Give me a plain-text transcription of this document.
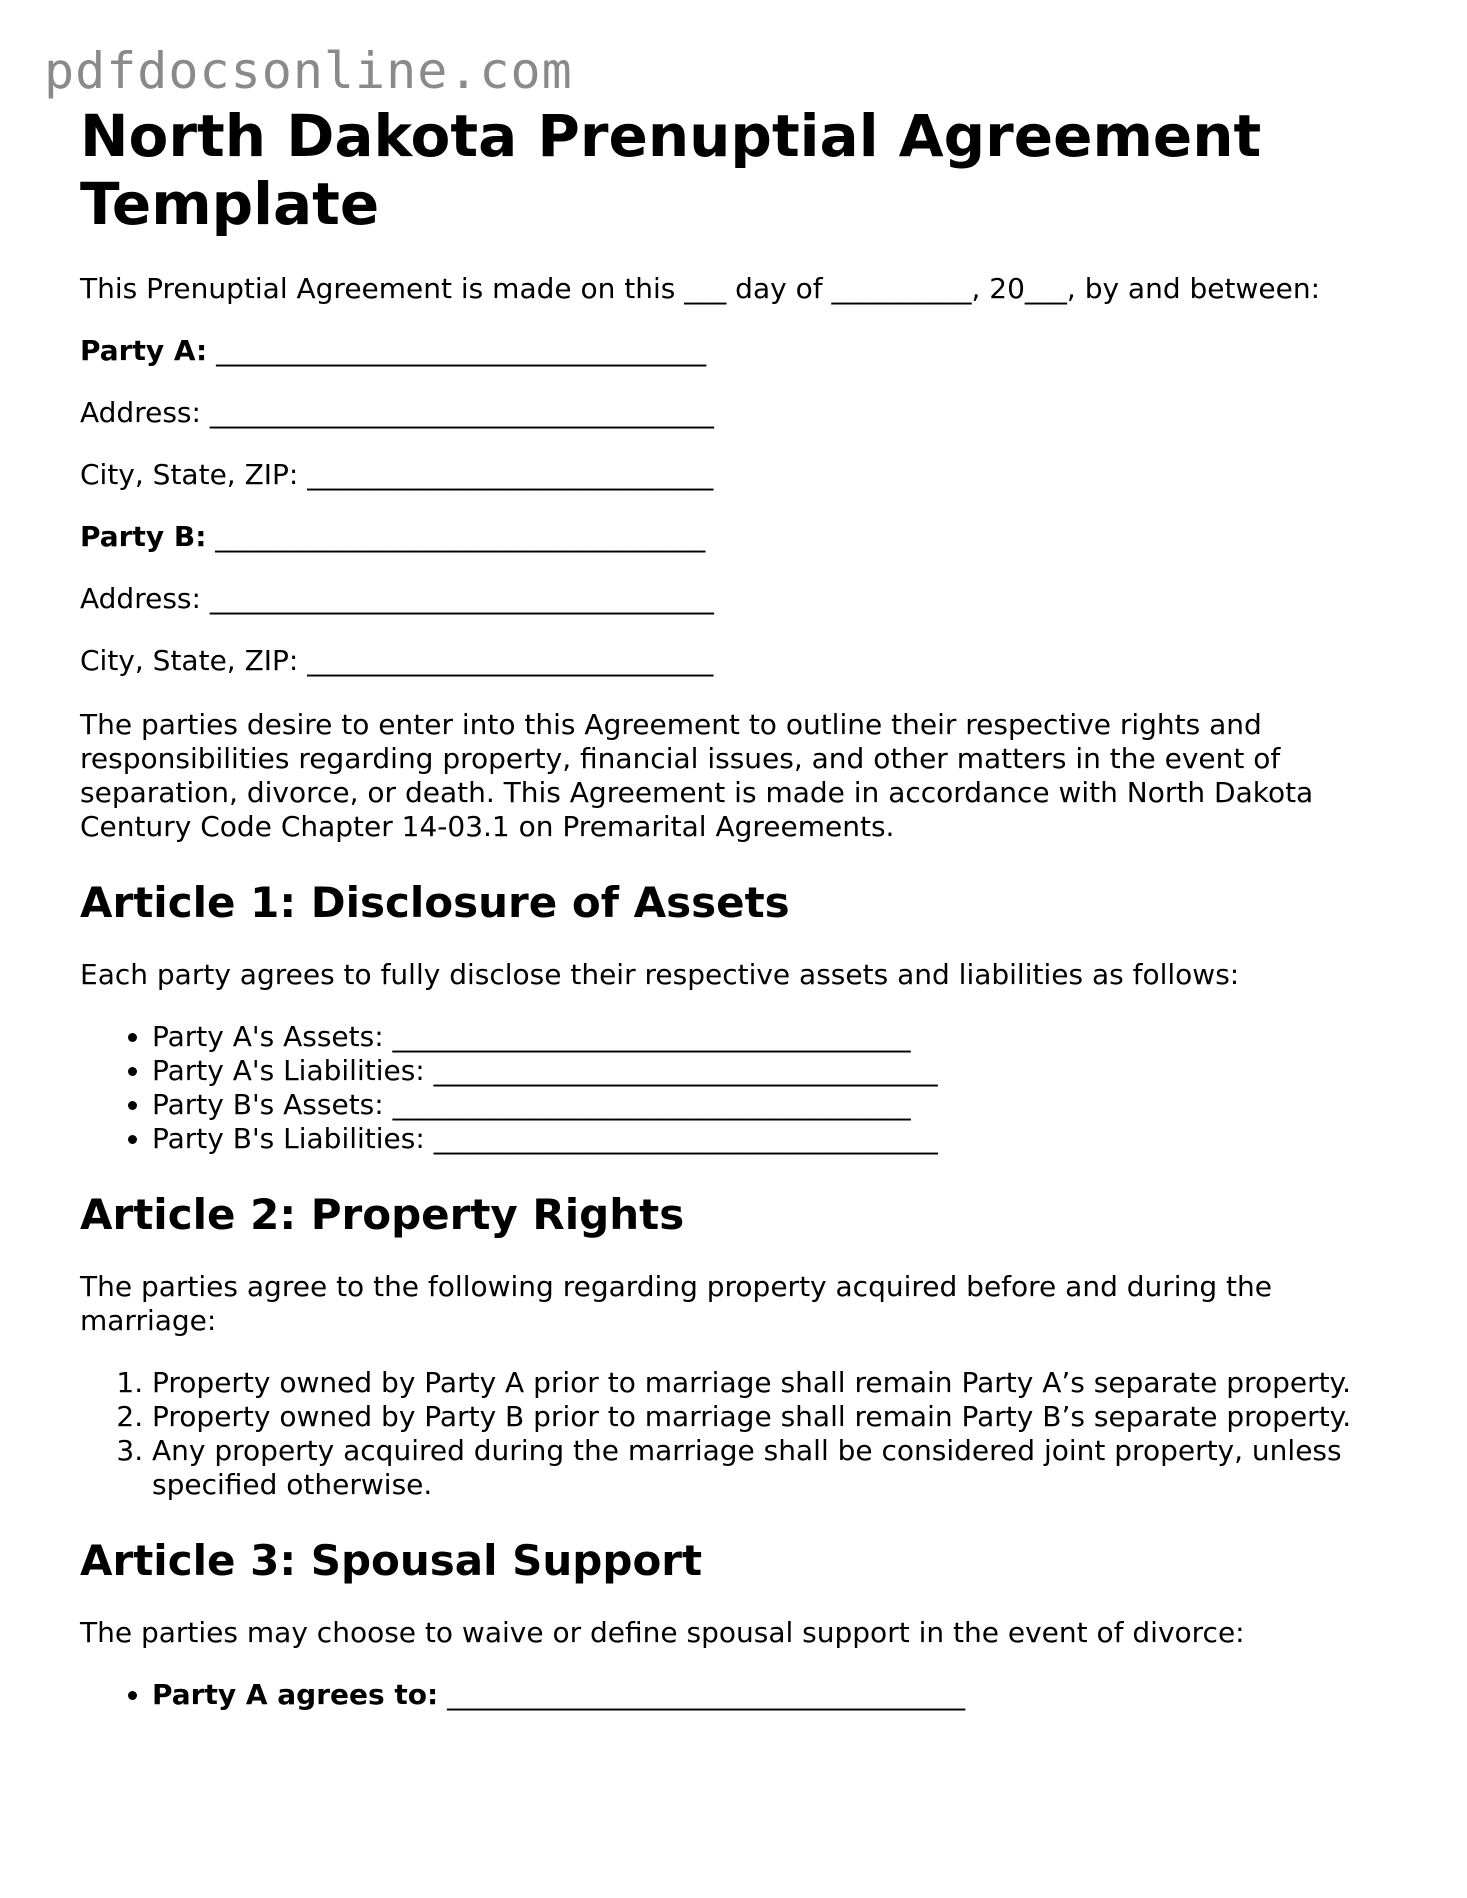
pdfdocsonline.com
North Dakota Prenuptial Agreement Template

This Prenuptial Agreement is made on this ___ day of __________, 20___, by and between:

Party A: ___________________________________

Address: ____________________________________

City, State, ZIP: _____________________________

Party B: ___________________________________

Address: ____________________________________

City, State, ZIP: _____________________________

The parties desire to enter into this Agreement to outline their respective rights and responsibilities regarding property, financial issues, and other matters in the event of separation, divorce, or death. This Agreement is made in accordance with North Dakota Century Code Chapter 14-03.1 on Premarital Agreements.

Article 1: Disclosure of Assets

Each party agrees to fully disclose their respective assets and liabilities as follows:

• Party A's Assets: _____________________________________
• Party A's Liabilities: ____________________________________
• Party B's Assets: _____________________________________
• Party B's Liabilities: ____________________________________
Article 2: Property Rights

The parties agree to the following regarding property acquired before and during the marriage:

1. Property owned by Party A prior to marriage shall remain Party A’s separate property.
2. Property owned by Party B prior to marriage shall remain Party B’s separate property.
3. Any property acquired during the marriage shall be considered joint property, unless specified otherwise.
Article 3: Spousal Support

The parties may choose to waive or define spousal support in the event of divorce:

• Party A agrees to: _____________________________________
